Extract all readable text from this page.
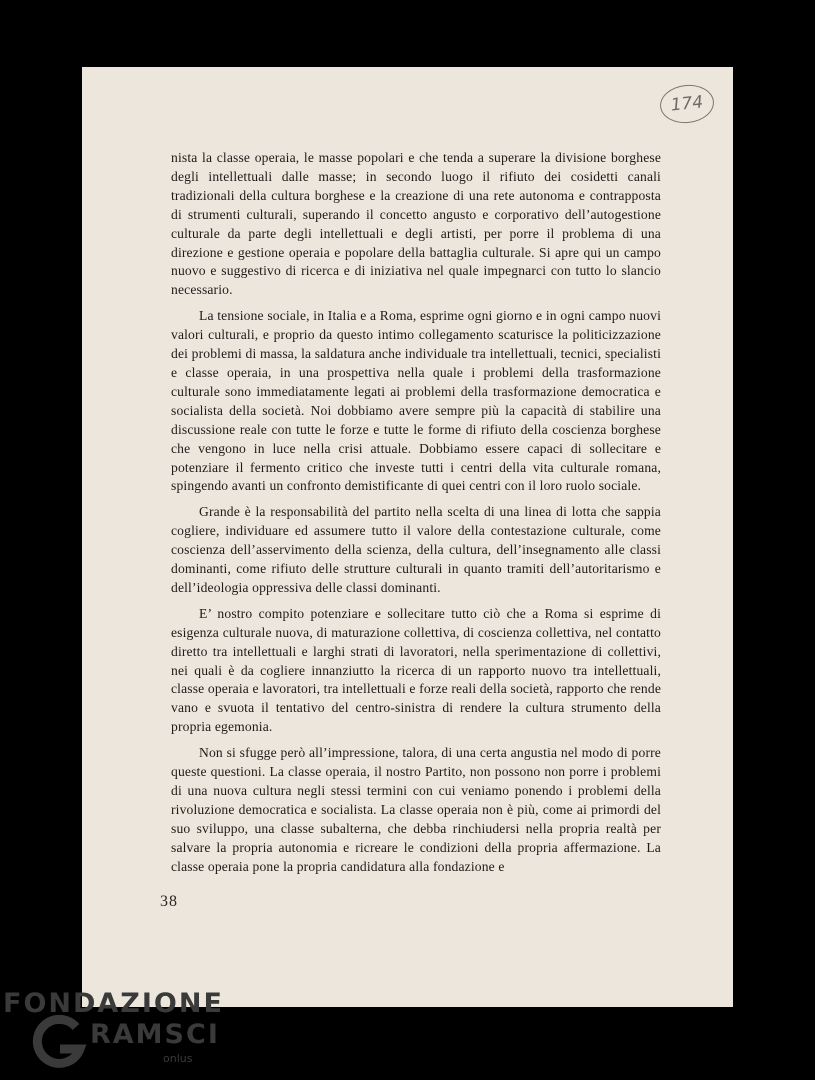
174

nista la classe operaia, le masse popolari e che tenda a superare la divisione borghese degli intellettuali dalle masse; in secondo luogo il rifiuto dei cosidetti canali tradizionali della cultura borghese e la creazione di una rete autonoma e contrapposta di strumenti culturali, superando il concetto angusto e corporativo dell’autogestione culturale da parte degli intellettuali e degli artisti, per porre il problema di una direzione e gestione operaia e popolare della battaglia culturale. Si apre qui un campo nuovo e suggestivo di ricerca e di iniziativa nel quale impegnarci con tutto lo slancio necessario.

La tensione sociale, in Italia e a Roma, esprime ogni giorno e in ogni campo nuovi valori culturali, e proprio da questo intimo collegamento scaturisce la politicizzazione dei problemi di massa, la saldatura anche individuale tra intellettuali, tecnici, specialisti e classe operaia, in una prospettiva nella quale i problemi della trasformazione culturale sono immediatamente legati ai problemi della trasformazione democratica e socialista della società. Noi dobbiamo avere sempre più la capacità di stabilire una discussione reale con tutte le forze e tutte le forme di rifiuto della coscienza borghese che vengono in luce nella crisi attuale. Dobbiamo essere capaci di sollecitare e potenziare il fermento critico che investe tutti i centri della vita culturale romana, spingendo avanti un confronto demistificante di quei centri con il loro ruolo sociale.

Grande è la responsabilità del partito nella scelta di una linea di lotta che sappia cogliere, individuare ed assumere tutto il valore della contestazione culturale, come coscienza dell’asservimento della scienza, della cultura, dell’insegnamento alle classi dominanti, come rifiuto delle strutture culturali in quanto tramiti dell’autoritarismo e dell’ideologia oppressiva delle classi dominanti.

E’ nostro compito potenziare e sollecitare tutto ciò che a Roma si esprime di esigenza culturale nuova, di maturazione collettiva, di coscienza collettiva, nel contatto diretto tra intellettuali e larghi strati di lavoratori, nella sperimentazione di collettivi, nei quali è da cogliere innanziutto la ricerca di un rapporto nuovo tra intellettuali, classe operaia e lavoratori, tra intellettuali e forze reali della società, rapporto che rende vano e svuota il tentativo del centro-sinistra di rendere la cultura strumento della propria egemonia.

Non si sfugge però all’impressione, talora, di una certa angustia nel modo di porre queste questioni. La classe operaia, il nostro Partito, non possono non porre i problemi di una nuova cultura negli stessi termini con cui veniamo ponendo i problemi della rivoluzione democratica e socialista. La classe operaia non è più, come ai primordi del suo sviluppo, una classe subalterna, che debba rinchiudersi nella propria realtà per salvare la propria autonomia e ricreare le condizioni della propria affermazione. La classe operaia pone la propria candidatura alla fondazione e

38
FONDAZIONE
RAMSCI
onlus
